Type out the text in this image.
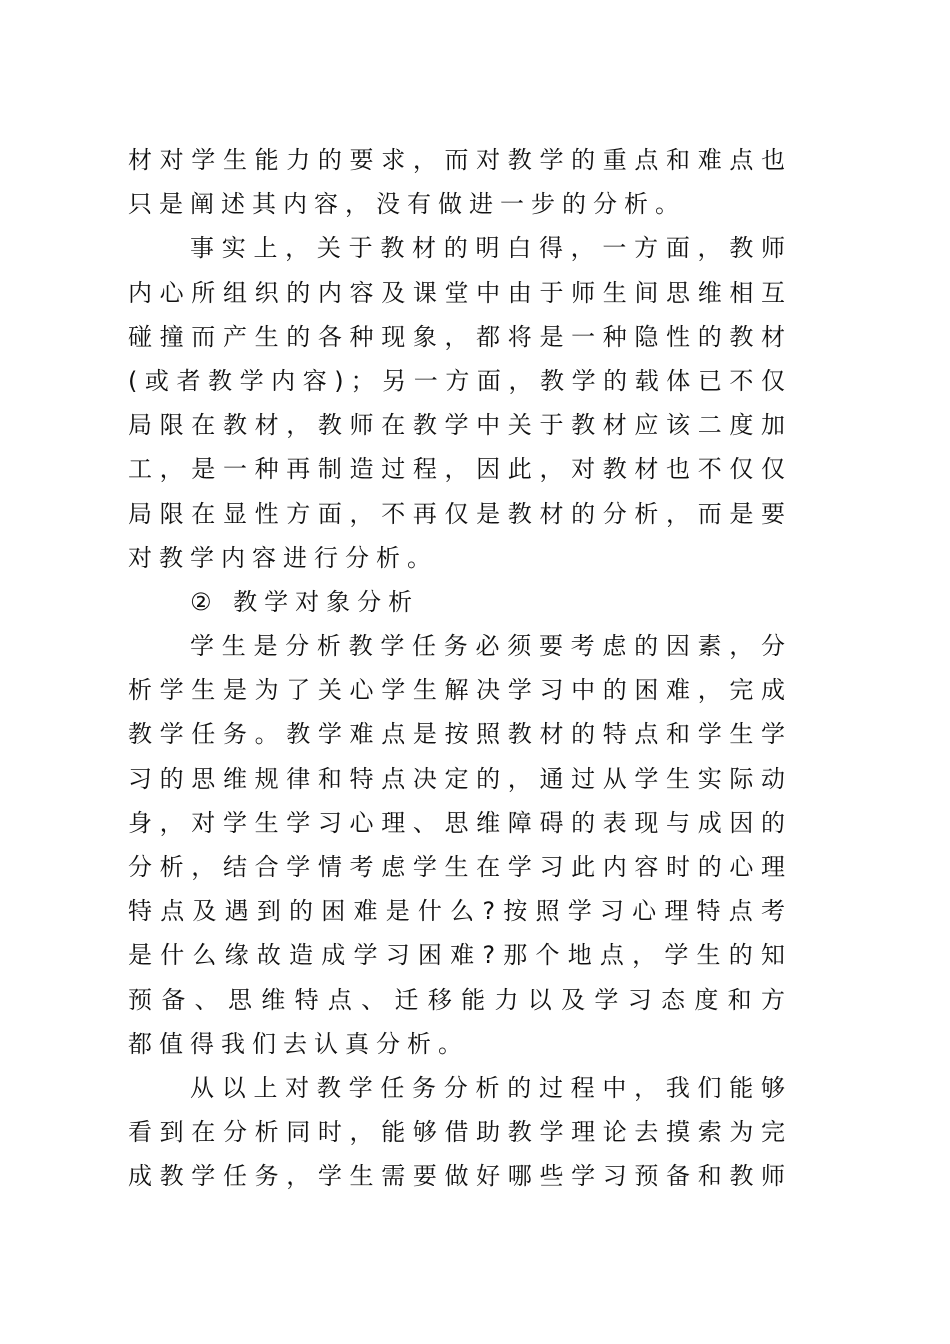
材对学生能力的要求，而对教学的重点和难点也
只是阐述其内容，没有做进一步的分析。
事实上，关于教材的明白得，一方面，教师
内心所组织的内容及课堂中由于师生间思维相互
碰撞而产生的各种现象，都将是一种隐性的教材
(或者教学内容)；另一方面，教学的载体已不仅
局限在教材，教师在教学中关于教材应该二度加
工，是一种再制造过程，因此，对教材也不仅仅
局限在显性方面，不再仅是教材的分析，而是要
对教学内容进行分析。
② 教学对象分析
学生是分析教学任务必须要考虑的因素，分
析学生是为了关心学生解决学习中的困难，完成
教学任务。教学难点是按照教材的特点和学生学
习的思维规律和特点决定的，通过从学生实际动
身，对学生学习心理、思维障碍的表现与成因的
分析，结合学情考虑学生在学习此内容时的心理
特点及遇到的困难是什么?按照学习心理特点考
是什么缘故造成学习困难?那个地点，学生的知
预备、思维特点、迁移能力以及学习态度和方
都值得我们去认真分析。
从以上对教学任务分析的过程中，我们能够
看到在分析同时，能够借助教学理论去摸索为完
成教学任务，学生需要做好哪些学习预备和教师
